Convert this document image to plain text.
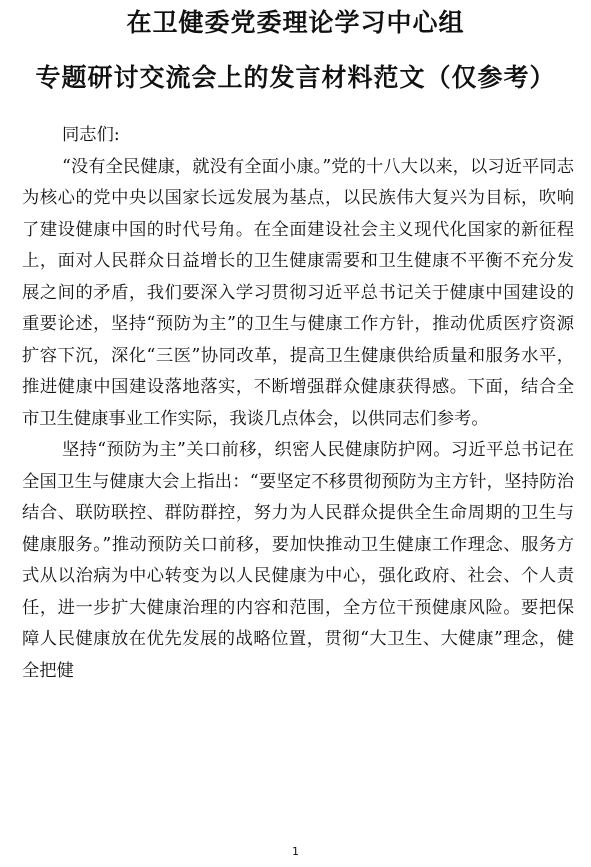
在卫健委党委理论学习中心组
专题研讨交流会上的发言材料范文（仅参考）

同志们:

“没有全民健康，就没有全面小康。”党的十八大以来，以习近平同志为核心的党中央以国家长远发展为基点，以民族伟大复兴为目标，吹响了建设健康中国的时代号角。在全面建设社会主义现代化国家的新征程上，面对人民群众日益增长的卫生健康需要和卫生健康不平衡不充分发展之间的矛盾，我们要深入学习贯彻习近平总书记关于健康中国建设的重要论述，坚持“预防为主”的卫生与健康工作方针，推动优质医疗资源扩容下沉，深化“三医”协同改革，提高卫生健康供给质量和服务水平，推进健康中国建设落地落实，不断增强群众健康获得感。下面，结合全市卫生健康事业工作实际，我谈几点体会，以供同志们参考。

坚持“预防为主”关口前移，织密人民健康防护网。习近平总书记在全国卫生与健康大会上指出：“要坚定不移贯彻预防为主方针，坚持防治结合、联防联控、群防群控，努力为人民群众提供全生命周期的卫生与健康服务。”推动预防关口前移，要加快推动卫生健康工作理念、服务方式从以治病为中心转变为以人民健康为中心，强化政府、社会、个人责任，进一步扩大健康治理的内容和范围，全方位干预健康风险。要把保障人民健康放在优先发展的战略位置，贯彻“大卫生、大健康”理念，健全把健

1
